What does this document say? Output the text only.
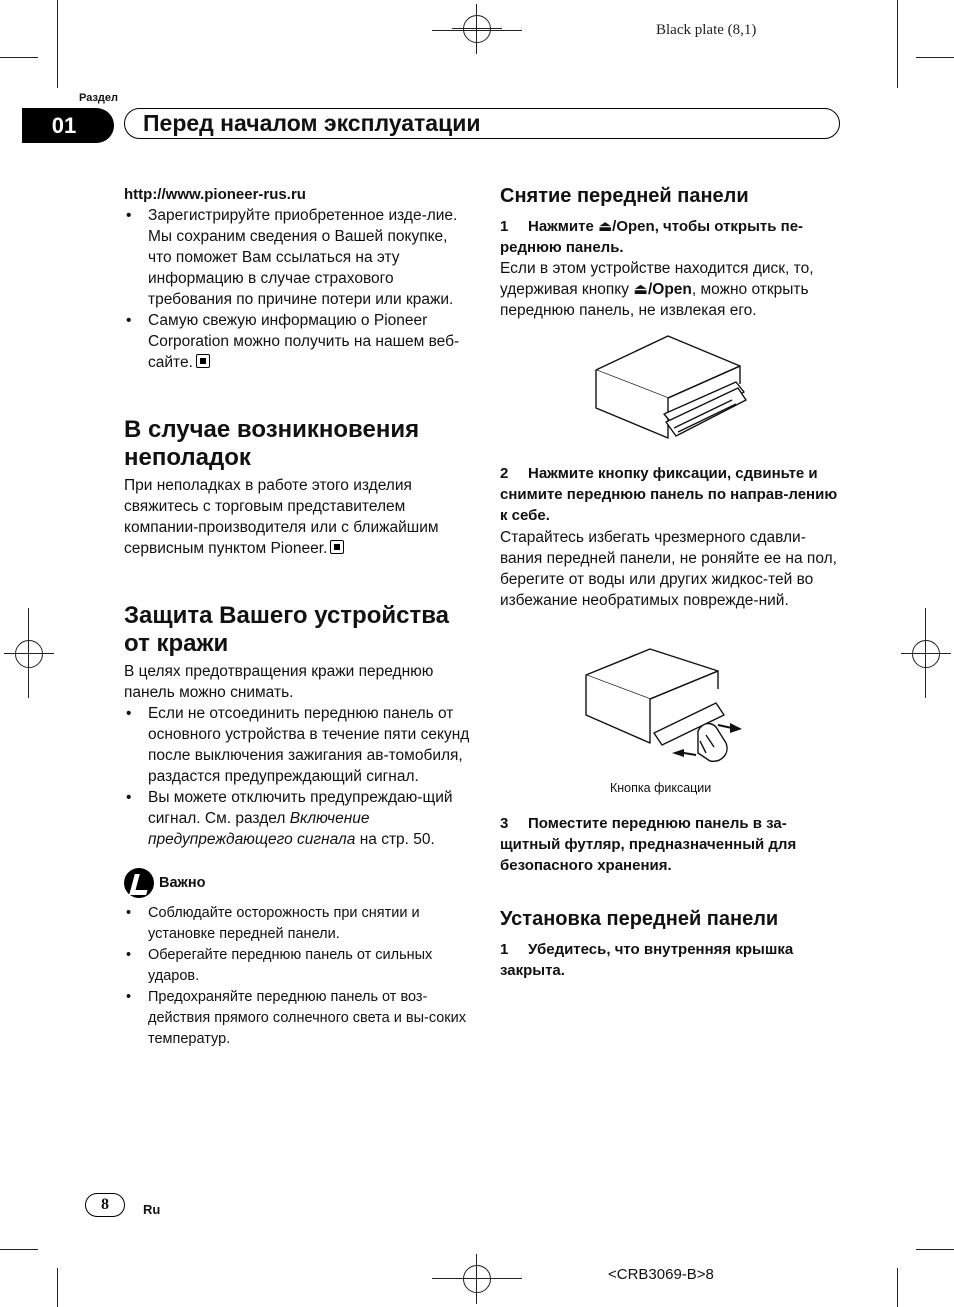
Black plate (8,1)
Раздел
01	Перед началом эксплуатации

http://www.pioneer-rus.ru

• Зарегистрируйте приобретенное изде-лие. Мы сохраним сведения о Вашей покупке, что поможет Вам ссылаться на эту информацию в случае страхового требования по причине потери или кражи.
• Самую свежую информацию о Pioneer Corporation можно получить на нашем веб-сайте.
В случае возникновения неполадок

При неполадках в работе этого изделия свяжитесь с торговым представителем компании-производителя или с ближайшим сервисным пунктом Pioneer.

Защита Вашего устройства от кражи

В целях предотвращения кражи переднюю панель можно снимать.

• Если не отсоединить переднюю панель от основного устройства в течение пяти секунд после выключения зажигания ав-томобиля, раздастся предупреждающий сигнал.
• Вы можете отключить предупреждаю-щий сигнал. См. раздел Включение предупреждающего сигнала на стр. 50.
Важно
• Соблюдайте осторожность при снятии и установке передней панели.
• Оберегайте переднюю панель от сильных ударов.
• Предохраняйте переднюю панель от воз-действия прямого солнечного света и вы-соких температур.
Снятие передней панели

1 Нажмите ⏏/Open, чтобы открыть пе-реднюю панель.

Если в этом устройстве находится диск, то, удерживая кнопку ⏏/Open, можно открыть переднюю панель, не извлекая его.

2 Нажмите кнопку фиксации, сдвиньте и снимите переднюю панель по направ-лению к себе.

Старайтесь избегать чрезмерного сдавли-вания передней панели, не роняйте ее на пол, берегите от воды или других жидкос-тей во избежание необратимых поврежде-ний.

Кнопка фиксации

3 Поместите переднюю панель в за-щитный футляр, предназначенный для безопасного хранения.

Установка передней панели

1 Убедитесь, что внутренняя крышка закрыта.

8	Ru
<CRB3069-B>8
